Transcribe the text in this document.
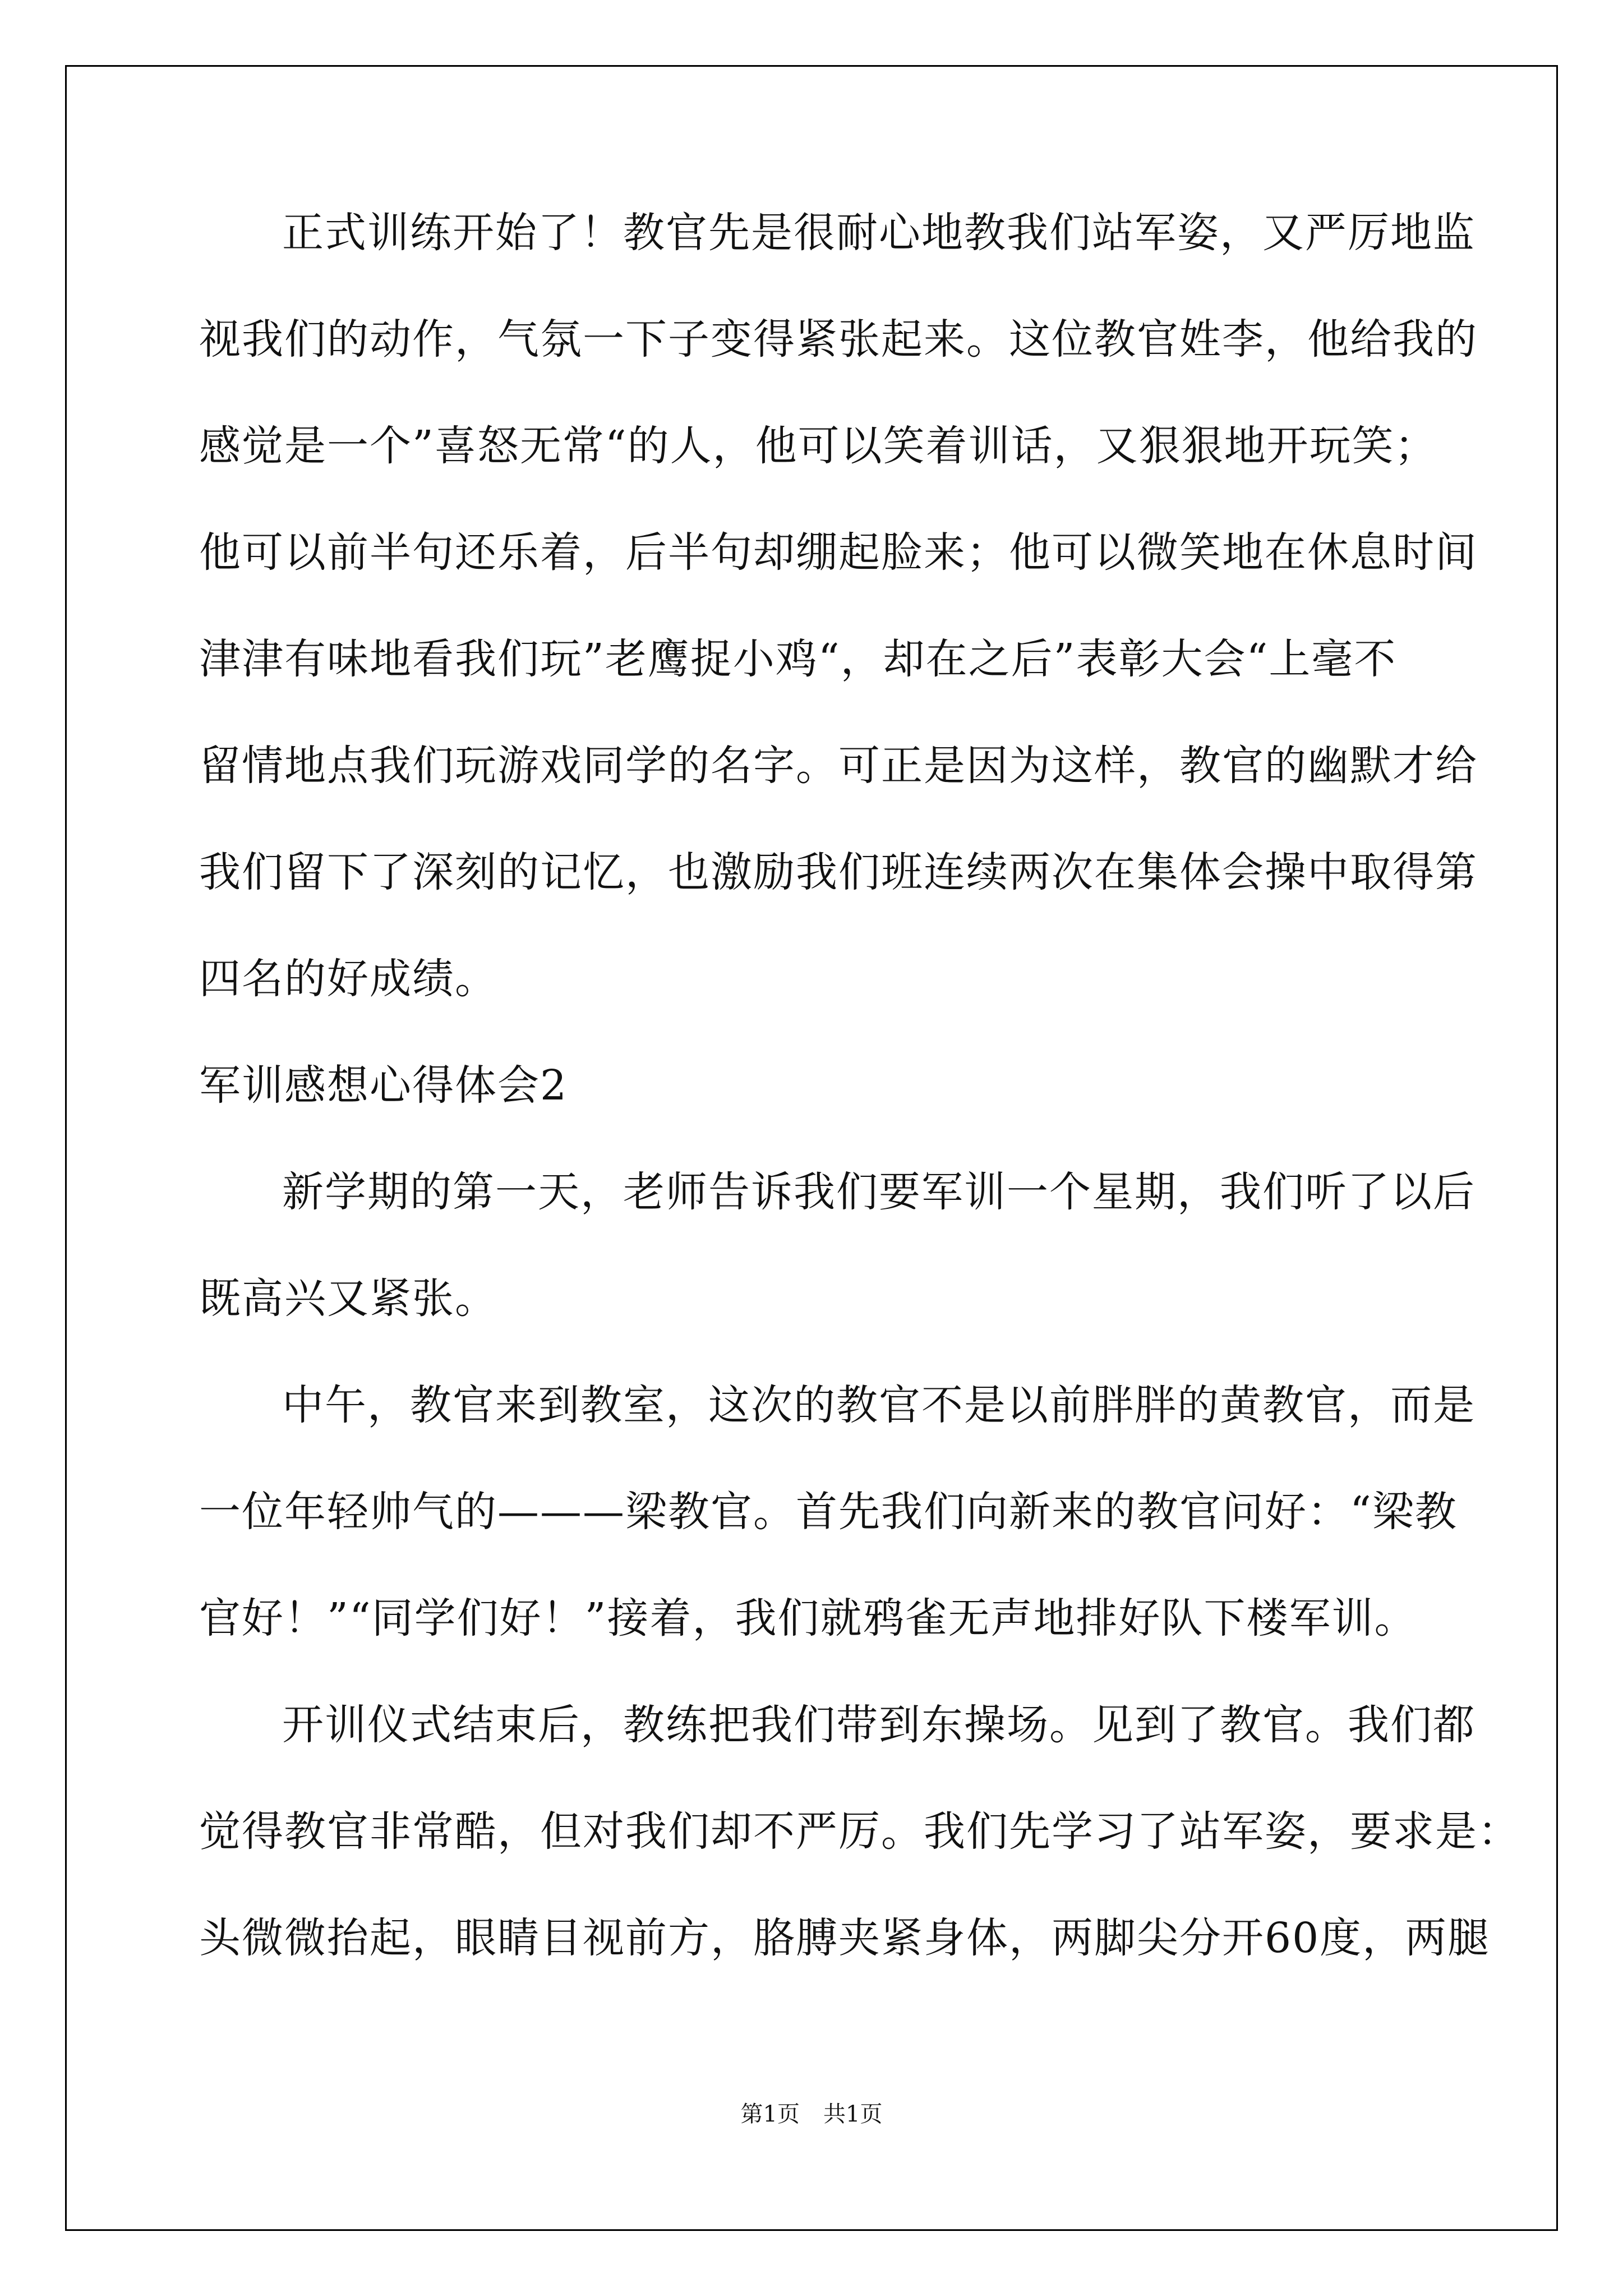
正式训练开始了！教官先是很耐心地教我们站军姿，又严厉地监
视我们的动作，气氛一下子变得紧张起来。这位教官姓李，他给我的
感觉是一个”喜怒无常“的人，他可以笑着训话，又狠狠地开玩笑；
他可以前半句还乐着，后半句却绷起脸来；他可以微笑地在休息时间
津津有味地看我们玩”老鹰捉小鸡“，却在之后”表彰大会“上毫不
留情地点我们玩游戏同学的名字。可正是因为这样，教官的幽默才给
我们留下了深刻的记忆，也激励我们班连续两次在集体会操中取得第
四名的好成绩。
军训感想心得体会2
新学期的第一天，老师告诉我们要军训一个星期，我们听了以后
既高兴又紧张。
中午，教官来到教室，这次的教官不是以前胖胖的黄教官，而是
一位年轻帅气的———梁教官。首先我们向新来的教官问好：“梁教
官好！”“同学们好！”接着，我们就鸦雀无声地排好队下楼军训。
开训仪式结束后，教练把我们带到东操场。见到了教官。我们都
觉得教官非常酷，但对我们却不严厉。我们先学习了站军姿，要求是：
头微微抬起，眼睛目视前方，胳膊夹紧身体，两脚尖分开60度，两腿
第1页 共1页
